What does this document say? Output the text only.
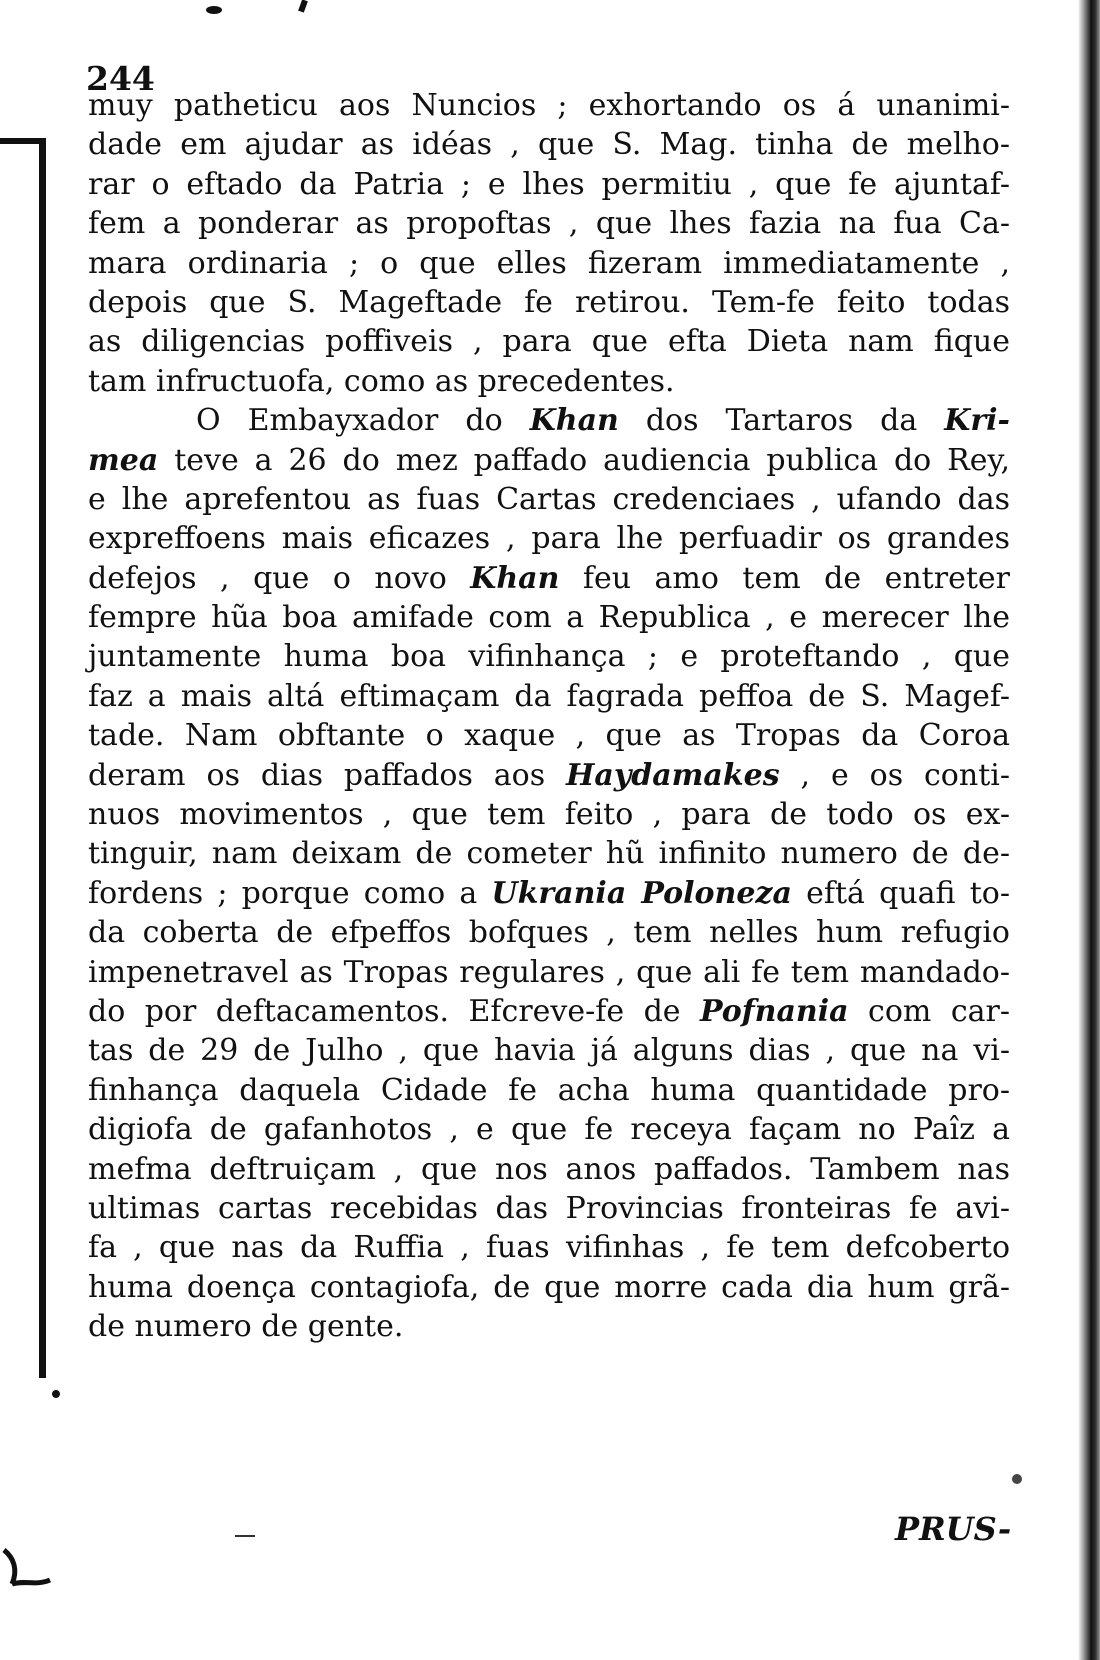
244
muy patheticu aos Nuncios ; exhortando os á unanimi-
dade em ajudar as idéas , que S. Mag. tinha de melho-
rar o eftado da Patria ; e lhes permitiu , que fe ajuntaf-
fem a ponderar as propoftas , que lhes fazia na fua Ca-
mara ordinaria ; o que elles fizeram immediatamente ,
depois que S. Mageftade fe retirou. Tem-fe feito todas
as diligencias poffiveis , para que efta Dieta nam fique
tam infructuofa, como as precedentes.
O Embayxador do Khan dos Tartaros da Kri-
mea teve a 26 do mez paffado audiencia publica do Rey,
e lhe aprefentou as fuas Cartas credenciaes , ufando das
expreffoens mais eficazes , para lhe perfuadir os grandes
defejos , que o novo Khan feu amo tem de entreter
fempre hũa boa amifade com a Republica , e merecer lhe
juntamente huma boa vifinhança ; e proteftando , que
faz a mais altá eftimaçam da fagrada peffoa de S. Magef-
tade. Nam obftante o xaque , que as Tropas da Coroa
deram os dias paffados aos Haydamakes , e os conti-
nuos movimentos , que tem feito , para de todo os ex-
tinguir, nam deixam de cometer hũ infinito numero de de-
fordens ; porque como a Ukrania Poloneza eftá quafi to-
da coberta de efpeffos bofques , tem nelles hum refugio
impenetravel as Tropas regulares , que ali fe tem mandado-
do por deftacamentos. Efcreve-fe de Pofnania com car-
tas de 29 de Julho , que havia já alguns dias , que na vi-
finhança daquela Cidade fe acha huma quantidade pro-
digiofa de gafanhotos , e que fe receya façam no Paîz a
mefma deftruiçam , que nos anos paffados. Tambem nas
ultimas cartas recebidas das Provincias fronteiras fe avi-
fa , que nas da Ruffia , fuas vifinhas , fe tem defcoberto
huma doença contagiofa, de que morre cada dia hum grã-
de numero de gente.
PRUS-
